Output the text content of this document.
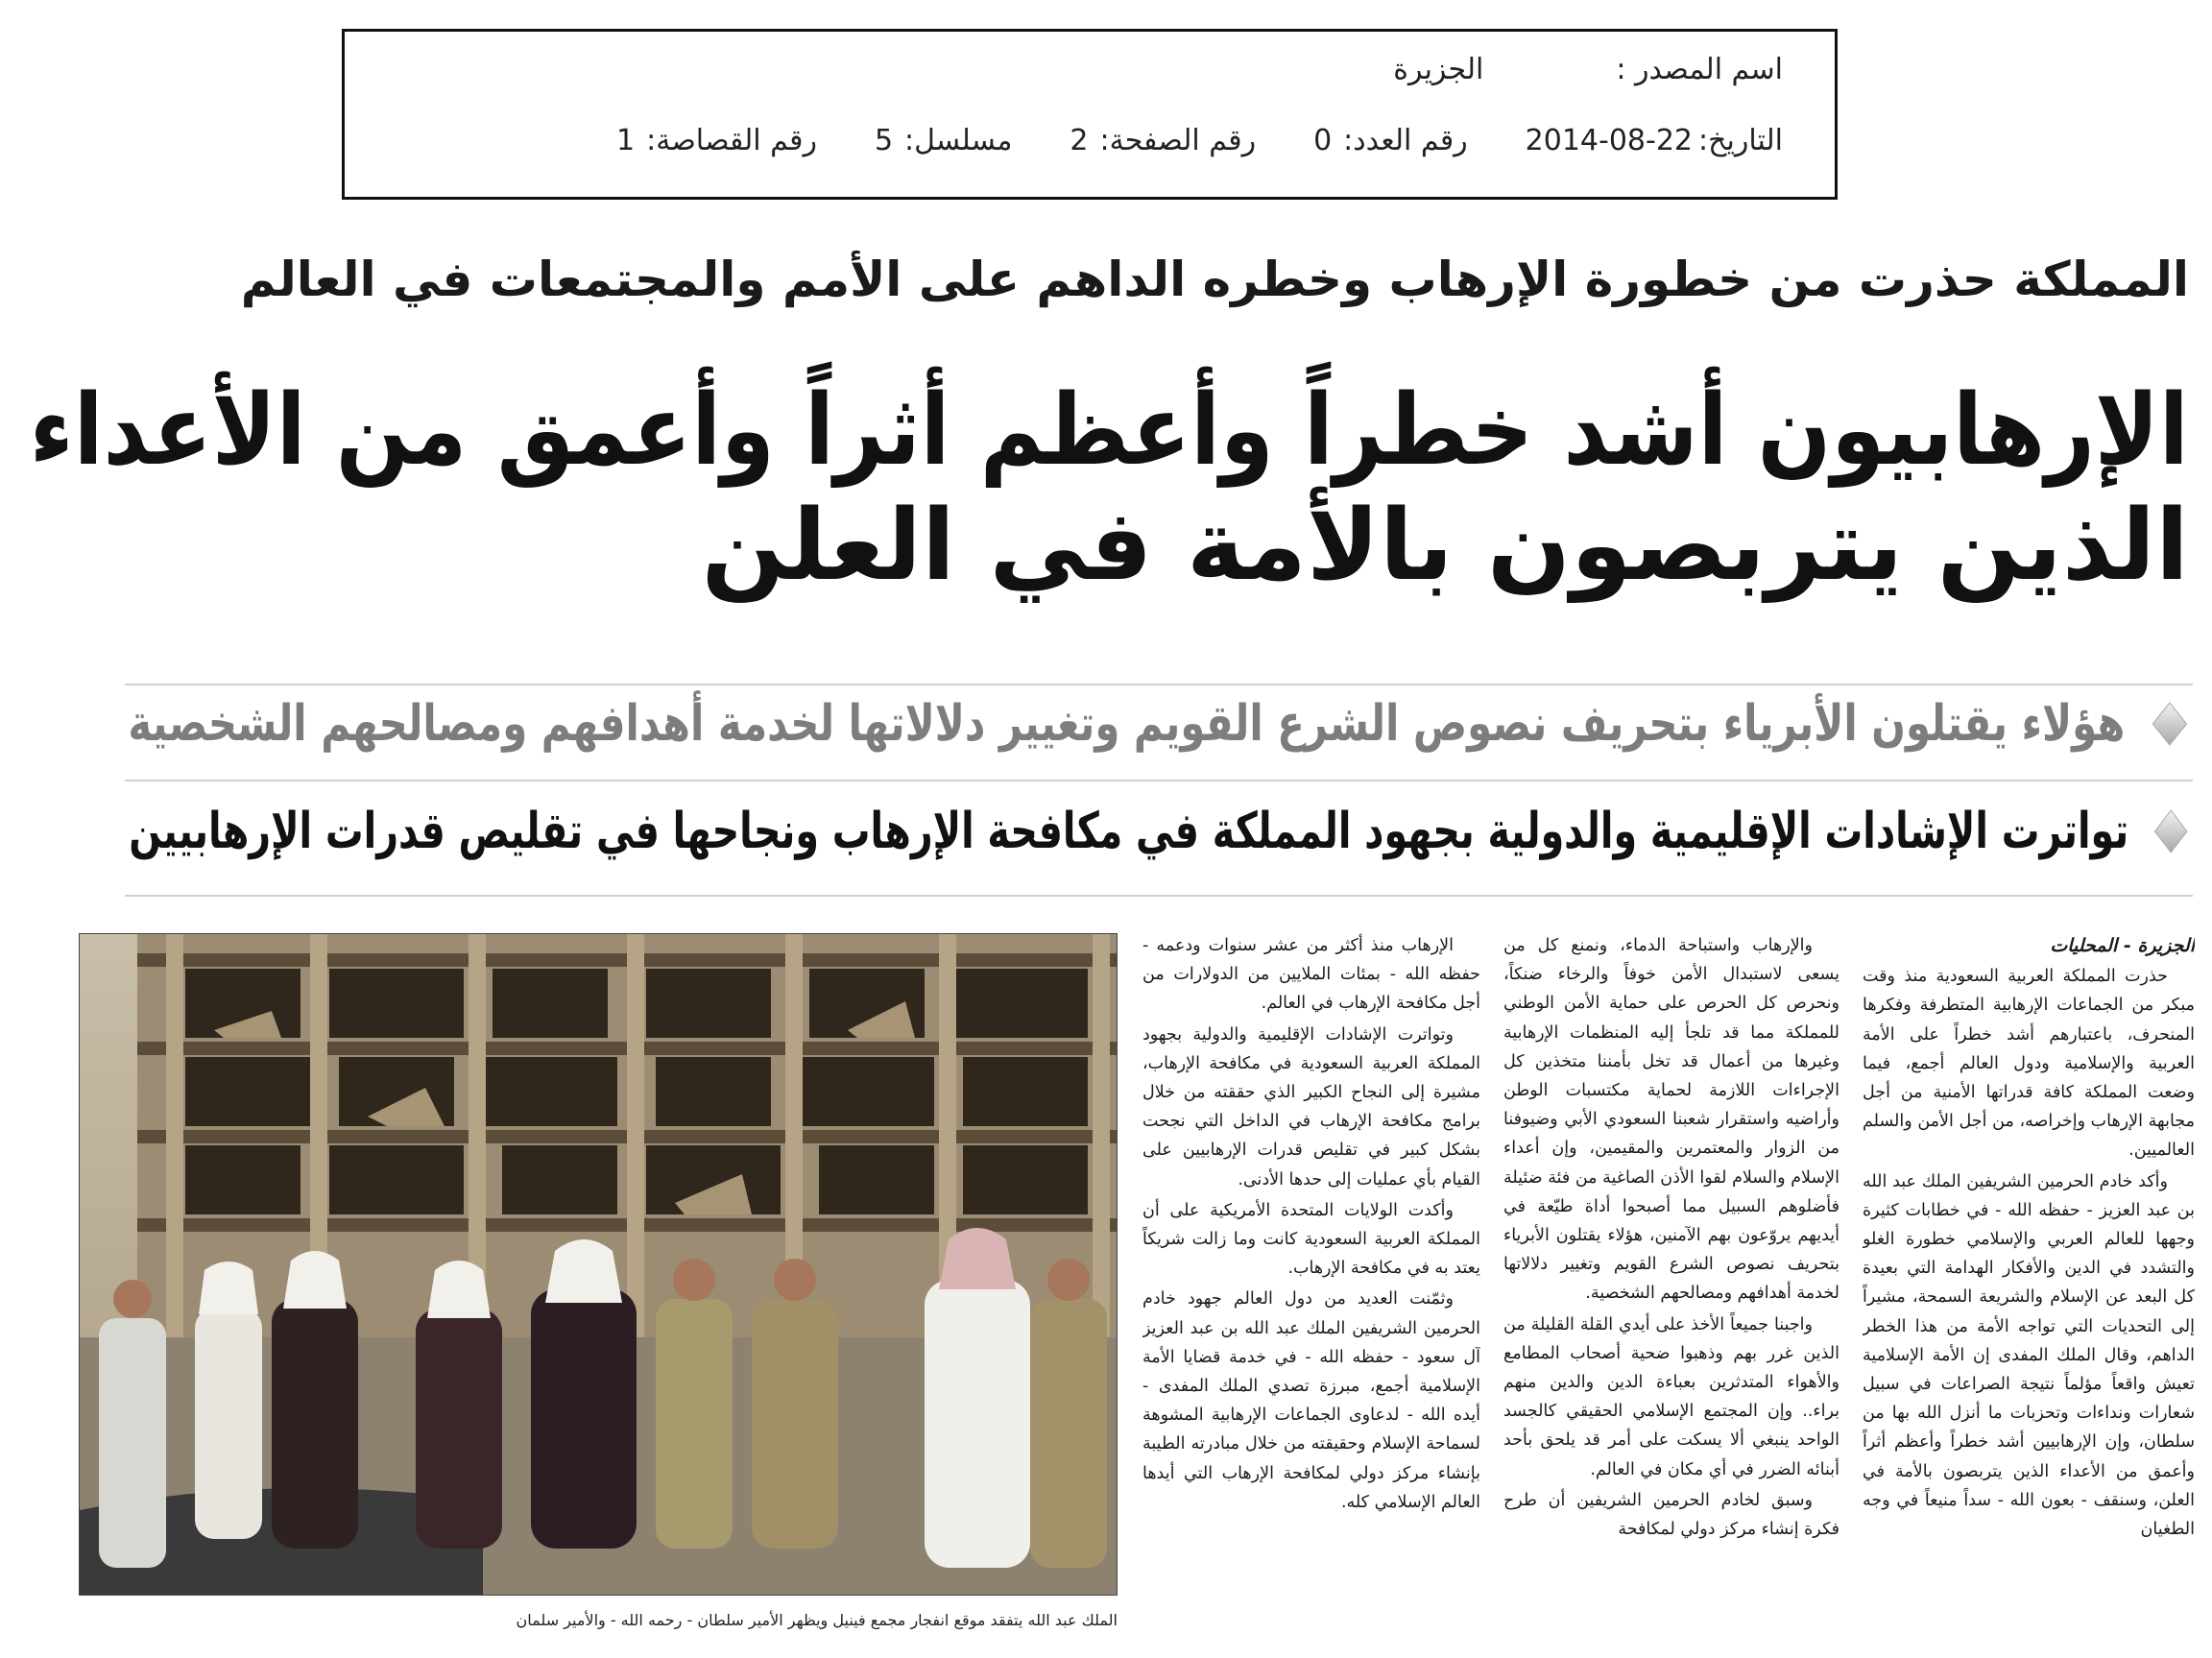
اسم المصدر :
الجزيرة
التاريخ:
2014-08-22
رقم العدد:
0
رقم الصفحة:
2
مسلسل:
5
رقم القصاصة:
1
المملكة حذرت من خطورة الإرهاب وخطره الداهم على الأمم والمجتمعات في العالم
الإرهابيون أشد خطراً وأعظم أثراً وأعمق من الأعداء
الذين يتربصون بالأمة في العلن
هؤلاء يقتلون الأبرياء بتحريف نصوص الشرع القويم وتغيير دلالاتها لخدمة أهدافهم ومصالحهم الشخصية
تواترت الإشادات الإقليمية والدولية بجهود المملكة في مكافحة الإرهاب ونجاحها في تقليص قدرات الإرهابيين

الجزيرة - المحليات

حذرت المملكة العربية السعودية منذ وقت مبكر من الجماعات الإرهابية المتطرفة وفكرها المنحرف، باعتبارهم أشد خطراً على الأمة العربية والإسلامية ودول العالم أجمع، فيما وضعت المملكة كافة قدراتها الأمنية من أجل مجابهة الإرهاب وإخراصه، من أجل الأمن والسلم العالميين.

وأكد خادم الحرمين الشريفين الملك عبد الله بن عبد العزيز - حفظه الله - في خطابات كثيرة وجهها للعالم العربي والإسلامي خطورة الغلو والتشدد في الدين والأفكار الهدامة التي بعيدة كل البعد عن الإسلام والشريعة السمحة، مشيراً إلى التحديات التي تواجه الأمة من هذا الخطر الداهم، وقال الملك المفدى إن الأمة الإسلامية تعيش واقعاً مؤلماً نتيجة الصراعات في سبيل شعارات ونداءات وتحزبات ما أنزل الله بها من سلطان، وإن الإرهابيين أشد خطراً وأعظم أثراً وأعمق من الأعداء الذين يتربصون بالأمة في العلن، وسنقف - بعون الله - سداً منيعاً في وجه الطغيان

والإرهاب واستباحة الدماء، ونمنع كل من يسعى لاستبدال الأمن خوفاً والرخاء ضنكاً، ونحرص كل الحرص على حماية الأمن الوطني للمملكة مما قد تلجأ إليه المنظمات الإرهابية وغيرها من أعمال قد تخل بأمننا متخذين كل الإجراءات اللازمة لحماية مكتسبات الوطن وأراضيه واستقرار شعبنا السعودي الأبي وضيوفنا من الزوار والمعتمرين والمقيمين، وإن أعداء الإسلام والسلام لقوا الأذن الصاغية من فئة ضئيلة فأضلوهم السبيل مما أصبحوا أداة طيّعة في أيديهم يروّعون بهم الآمنين، هؤلاء يقتلون الأبرياء بتحريف نصوص الشرع القويم وتغيير دلالاتها لخدمة أهدافهم ومصالحهم الشخصية.

واجبنا جميعاً الأخذ على أيدي القلة القليلة من الذين غرر بهم وذهبوا ضحية أصحاب المطامع والأهواء المتدثرين بعباءة الدين والدين منهم براء.. وإن المجتمع الإسلامي الحقيقي كالجسد الواحد ينبغي ألا يسكت على أمر قد يلحق بأحد أبنائه الضرر في أي مكان في العالم.

وسبق لخادم الحرمين الشريفين أن طرح فكرة إنشاء مركز دولي لمكافحة

الإرهاب منذ أكثر من عشر سنوات ودعمه - حفظه الله - بمئات الملايين من الدولارات من أجل مكافحة الإرهاب في العالم.

وتواترت الإشادات الإقليمية والدولية بجهود المملكة العربية السعودية في مكافحة الإرهاب، مشيرة إلى النجاح الكبير الذي حققته من خلال برامج مكافحة الإرهاب في الداخل التي نجحت بشكل كبير في تقليص قدرات الإرهابيين على القيام بأي عمليات إلى حدها الأدنى.

وأكدت الولايات المتحدة الأمريكية على أن المملكة العربية السعودية كانت وما زالت شريكاً يعتد به في مكافحة الإرهاب.

وثمّنت العديد من دول العالم جهود خادم الحرمين الشريفين الملك عبد الله بن عبد العزيز آل سعود - حفظه الله - في خدمة قضايا الأمة الإسلامية أجمع، مبرزة تصدي الملك المفدى - أيده الله - لدعاوى الجماعات الإرهابية المشوهة لسماحة الإسلام وحقيقته من خلال مبادرته الطيبة بإنشاء مركز دولي لمكافحة الإرهاب التي أيدها العالم الإسلامي كله.

الملك عبد الله يتفقد موقع انفجار مجمع فينيل ويظهر الأمير سلطان - رحمه الله - والأمير سلمان
